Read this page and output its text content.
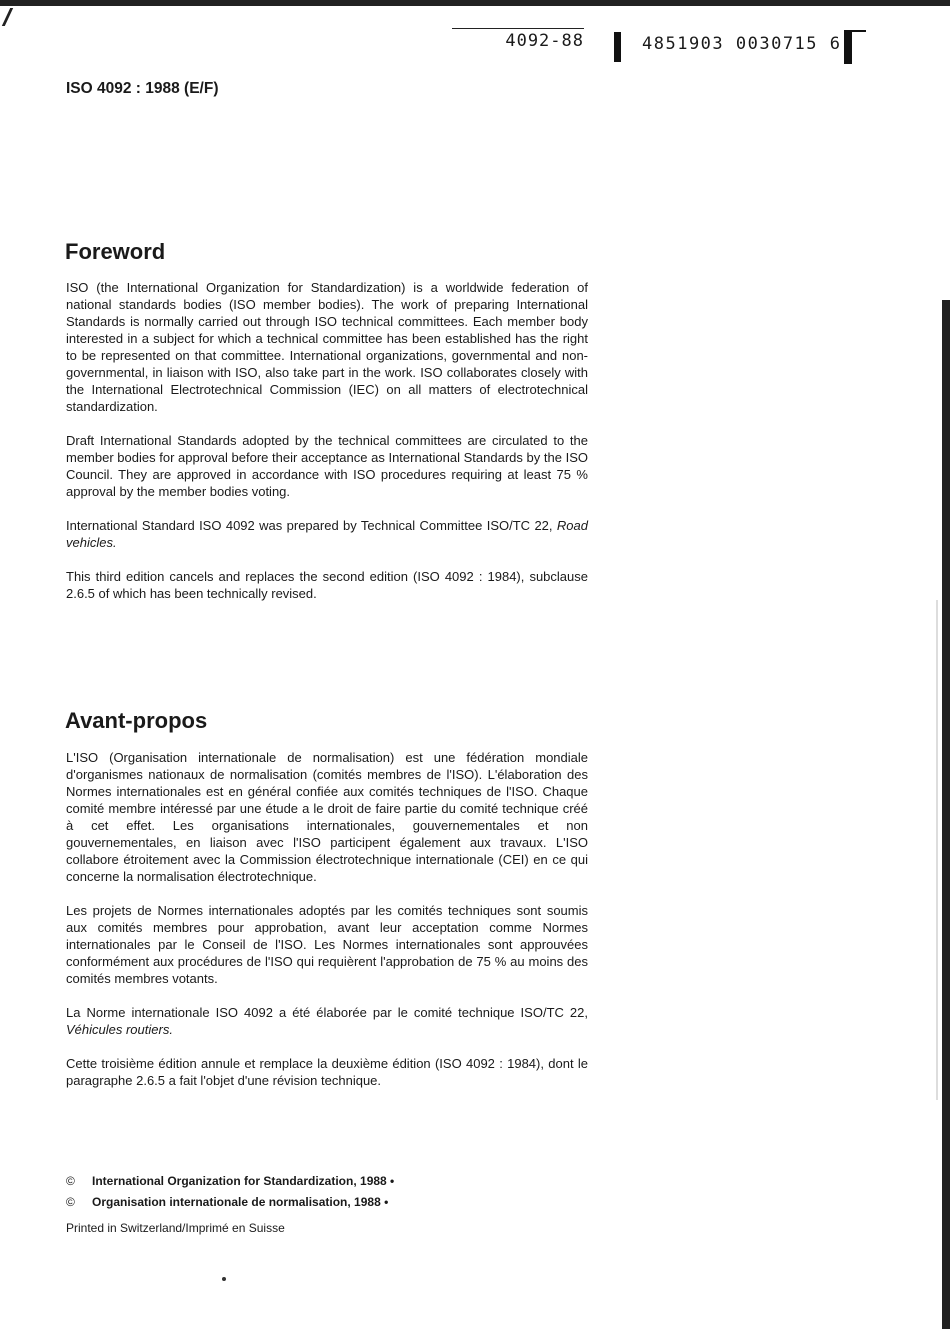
4092-88	4851903 0030715 6
ISO 4092 : 1988 (E/F)
Foreword

ISO (the International Organization for Standardization) is a worldwide federation of national standards bodies (ISO member bodies). The work of preparing International Standards is normally carried out through ISO technical committees. Each member body interested in a subject for which a technical committee has been established has the right to be represented on that committee. International organizations, governmental and non-governmental, in liaison with ISO, also take part in the work. ISO collaborates closely with the International Electrotechnical Commission (IEC) on all matters of electrotechnical standardization.

Draft International Standards adopted by the technical committees are circulated to the member bodies for approval before their acceptance as International Standards by the ISO Council. They are approved in accordance with ISO procedures requiring at least 75 % approval by the member bodies voting.

International Standard ISO 4092 was prepared by Technical Committee ISO/TC 22, Road vehicles.

This third edition cancels and replaces the second edition (ISO 4092 : 1984), subclause 2.6.5 of which has been technically revised.

Avant-propos

L'ISO (Organisation internationale de normalisation) est une fédération mondiale d'organismes nationaux de normalisation (comités membres de l'ISO). L'élaboration des Normes internationales est en général confiée aux comités techniques de l'ISO. Chaque comité membre intéressé par une étude a le droit de faire partie du comité technique créé à cet effet. Les organisations internationales, gouvernementales et non gouvernementales, en liaison avec l'ISO participent également aux travaux. L'ISO collabore étroitement avec la Commission électrotechnique internationale (CEI) en ce qui concerne la normalisation électrotechnique.

Les projets de Normes internationales adoptés par les comités techniques sont soumis aux comités membres pour approbation, avant leur acceptation comme Normes internationales par le Conseil de l'ISO. Les Normes internationales sont approuvées conformément aux procédures de l'ISO qui requièrent l'approbation de 75 % au moins des comités membres votants.

La Norme internationale ISO 4092 a été élaborée par le comité technique ISO/TC 22, Véhicules routiers.

Cette troisième édition annule et remplace la deuxième édition (ISO 4092 : 1984), dont le paragraphe 2.6.5 a fait l'objet d'une révision technique.

© International Organization for Standardization, 1988 •
© Organisation internationale de normalisation, 1988 •
Printed in Switzerland/Imprimé en Suisse
